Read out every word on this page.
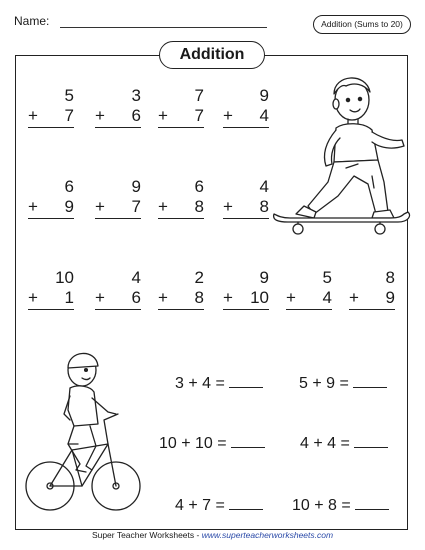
Name:	Addition (Sums to 20)
Addition
5
+ 7
3
+ 6
7
+ 7
9
+ 4
6
+ 9
9
+ 7
6
+ 8
4
+ 8
10
+ 1
4
+ 6
2
+ 8
9
+ 10
5
+ 4
8
+ 9
3 + 4 =	5 + 9 =
10 + 10 =	4 + 4 =
4 + 7 =	10 + 8 =
Super Teacher Worksheets - www.superteacherworksheets.com
